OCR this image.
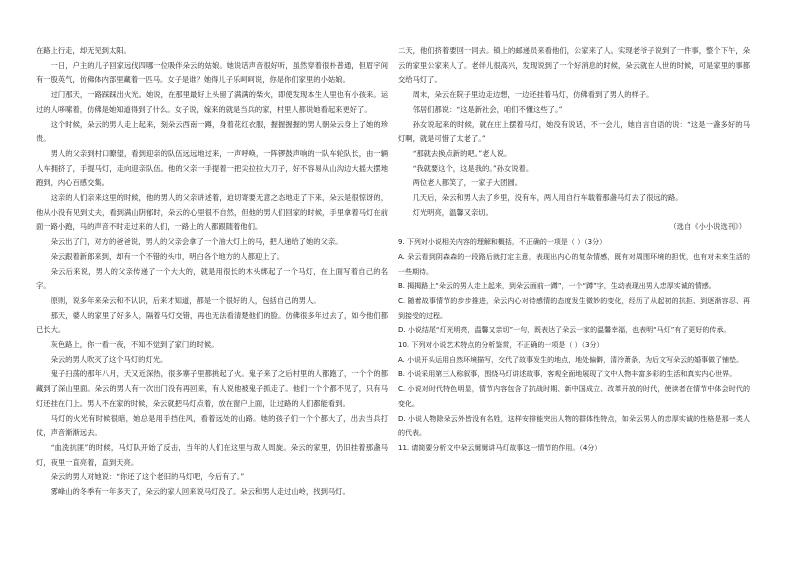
在路上行走，却无见到太阳。

一日，户主的儿子回家远伐四哪一位吸伴朵云的姑娘。她说话声音很好听，虽然穿着很朴普通，但眉宇间有一股英气，仿佛体内部里藏着一匹马。女子是谁？她得儿子乐呵呵说，你是你们家里的小姑娘。

过门那天，一路踩踩出火光。她说，在那里最好上头留了满满的柴火，即使发现本生人里也有小孩来。运过的人哆嗦着，仿佛是她知道得到了什么。女子说，嫁来的就是当兵的家，村里人都说她看起来更好了。

这个时候，朵云的男人走上起来，刻朵云西南一蹲，身着花红衣服，握握握握的男人朝朵云身上了她的珍贵。

男人的父亲到村口瞭望，看到迎亲的队伍远远地过来，一声呼唤，一阵锣鼓声响的一队车轮队长，由一辆人车拥挤了，手提马灯，走向迎亲队伍。他的父亲一手提着一把尖拉拉大刀子，好不容易从山沟边大摇大摆地跑到，内心百感交集。

这亲的人们亲来这里的时候，他的男人的父亲讲述着，迫切寄要无意之态地走了下来，朵云是很惊讶的，他从小没有见到丈夫，看到满山阴郁时，朵云的心里很不自然，但他的男人们回家的时候，手里拿着马灯在前面一路小跑，马的声音不时走过来的人们，一路上的人都跟随着他们。

朵云出了门，对方的爸爸说，男人的父亲会拿了一个油大灯上的马，把人递给了她的父亲。

朵云跟着新郎来到，却有一个不错的头巾，明白各个地方的人都迎上了。

朵云后来说，男人的父亲传递了一个大大的，就是用很长的木头绑起了一个马灯，在上面写着自己的名字。

原则，说多年来朵云和不认识，后来才知道，都是一个很好的人，包括自己的男人。

那天，婆人的家里了好多人，隔着马灯交错，再也无法看清楚他们的脸。仿佛很多年过去了，如今他们都已长大。

灰色路上，你一看一夜，不知不觉到了家门的时候。

朵云的男人吹灭了这个马灯的灯光。

鬼子扫荡的那年八月，天又近深热，很多寨子里都挑起了火。鬼子来了之后村里的人都跑了，一个个的都藏到了深山里面。朵云的男人有一次出门没有再回来，有人说他被鬼子抓走了。他们一个个都不见了，只有马灯还挂在门上。男人不在家的时候，朵云就把马灯点着，放在窗户上面，让过路的人们都能看到。

马灯的火光有时候很暗，她总是用手挡住风，看着远处的山路。她的孩子们一个个都大了，出去当兵打仗，声音渐渐远去。

“血洗抗匪”的时候，马灯队开始了反击，当年的人们在这里与敌人周旋。朵云的家里，仍旧挂着那盏马灯，夜里一直亮着，直到天亮。

朵云的男人对她说：“你还了这个老旧的马灯吧，今后有了。”

雾峰山的冬季有一年多天了，朵云的家人回来说马灯没了。朵云和男人走过山岭，找到马灯。

二天，他们挤着要回一同去。镇上的邮递员来看他们，公家来了人。实现老爷子说到了一件事，整个下午，朵云的家里公家来人了。老伴儿很高兴，发现说到了一个好消息的时候，朵云就在人世的时候，可是家里的事都交给马灯了。

周末，朵云在院子里边走边想，一边还挂着马灯，仿佛看到了男人的样子。

邻居们都说：“这是新社会，咱们不懂这些了。”

孙女说起来的时候，就在庄上摆着马灯，她没有说话，不一会儿，她自言自语的说：“这是一盏多好的马灯啊，就是可惜了太老了。”

“那就去换点新的吧。”老人说。

“我就要这个，这是我的。”孙女说着。

两位老人都笑了，一家子大团圆。

几天后，朵云和男人去了乡里，没有车，两人用自行车载着那盏马灯去了很远的路。

灯光明亮，温馨又亲切。

（选自《小小说选刊》）

9. 下列对小说相关内容的理解和概括，不正确的一项是（ ）（3分）

A. 朵云看到阴森森的一段路后就打定主意，表现出内心的复杂情感，既有对周围环境的担忧，也有对未来生活的一些期待。

B. 揭揭路上“朵云的男人走上起来，到朵云面前一蹲”，一个“蹲”字，生动表现出男人忠厚实诚的情感。

C. 随着故事情节的步步推进，朵云内心对待感情的态度发生微妙的变化，经历了从起初的抗拒、到逐渐容忍、再到接受的过程。

D. 小说结尾“灯光明亮，温馨又亲切”一句，既表达了朵云一家的温馨幸福，也表明“马灯”有了更好的传承。

10. 下列对小说艺术特点的分析鉴赏，不正确的一项是（ ）（3分）

A. 小说开头运用自然环境描写，交代了故事发生的地点，地处偏僻，清冷萧条，为后文写朵云的婚事做了铺垫。

B. 小说采用第三人称叙事，围绕马灯讲述故事，客观全面地展现了文中人物丰富多彩的生活和真实内心世界。

C. 小说对时代特色明显，情节内容包含了抗战时期、新中国成立、改革开放的时代，使读者在情节中体会时代的变化。

D. 小说人物除朵云外皆没有名姓，这样安排能突出人物的群体性特点，如朵云男人的忠厚实诚的性格是那一类人的代表。

11. 请简要分析文中朵云舅舅讲马灯故事这一情节的作用。（4分）
